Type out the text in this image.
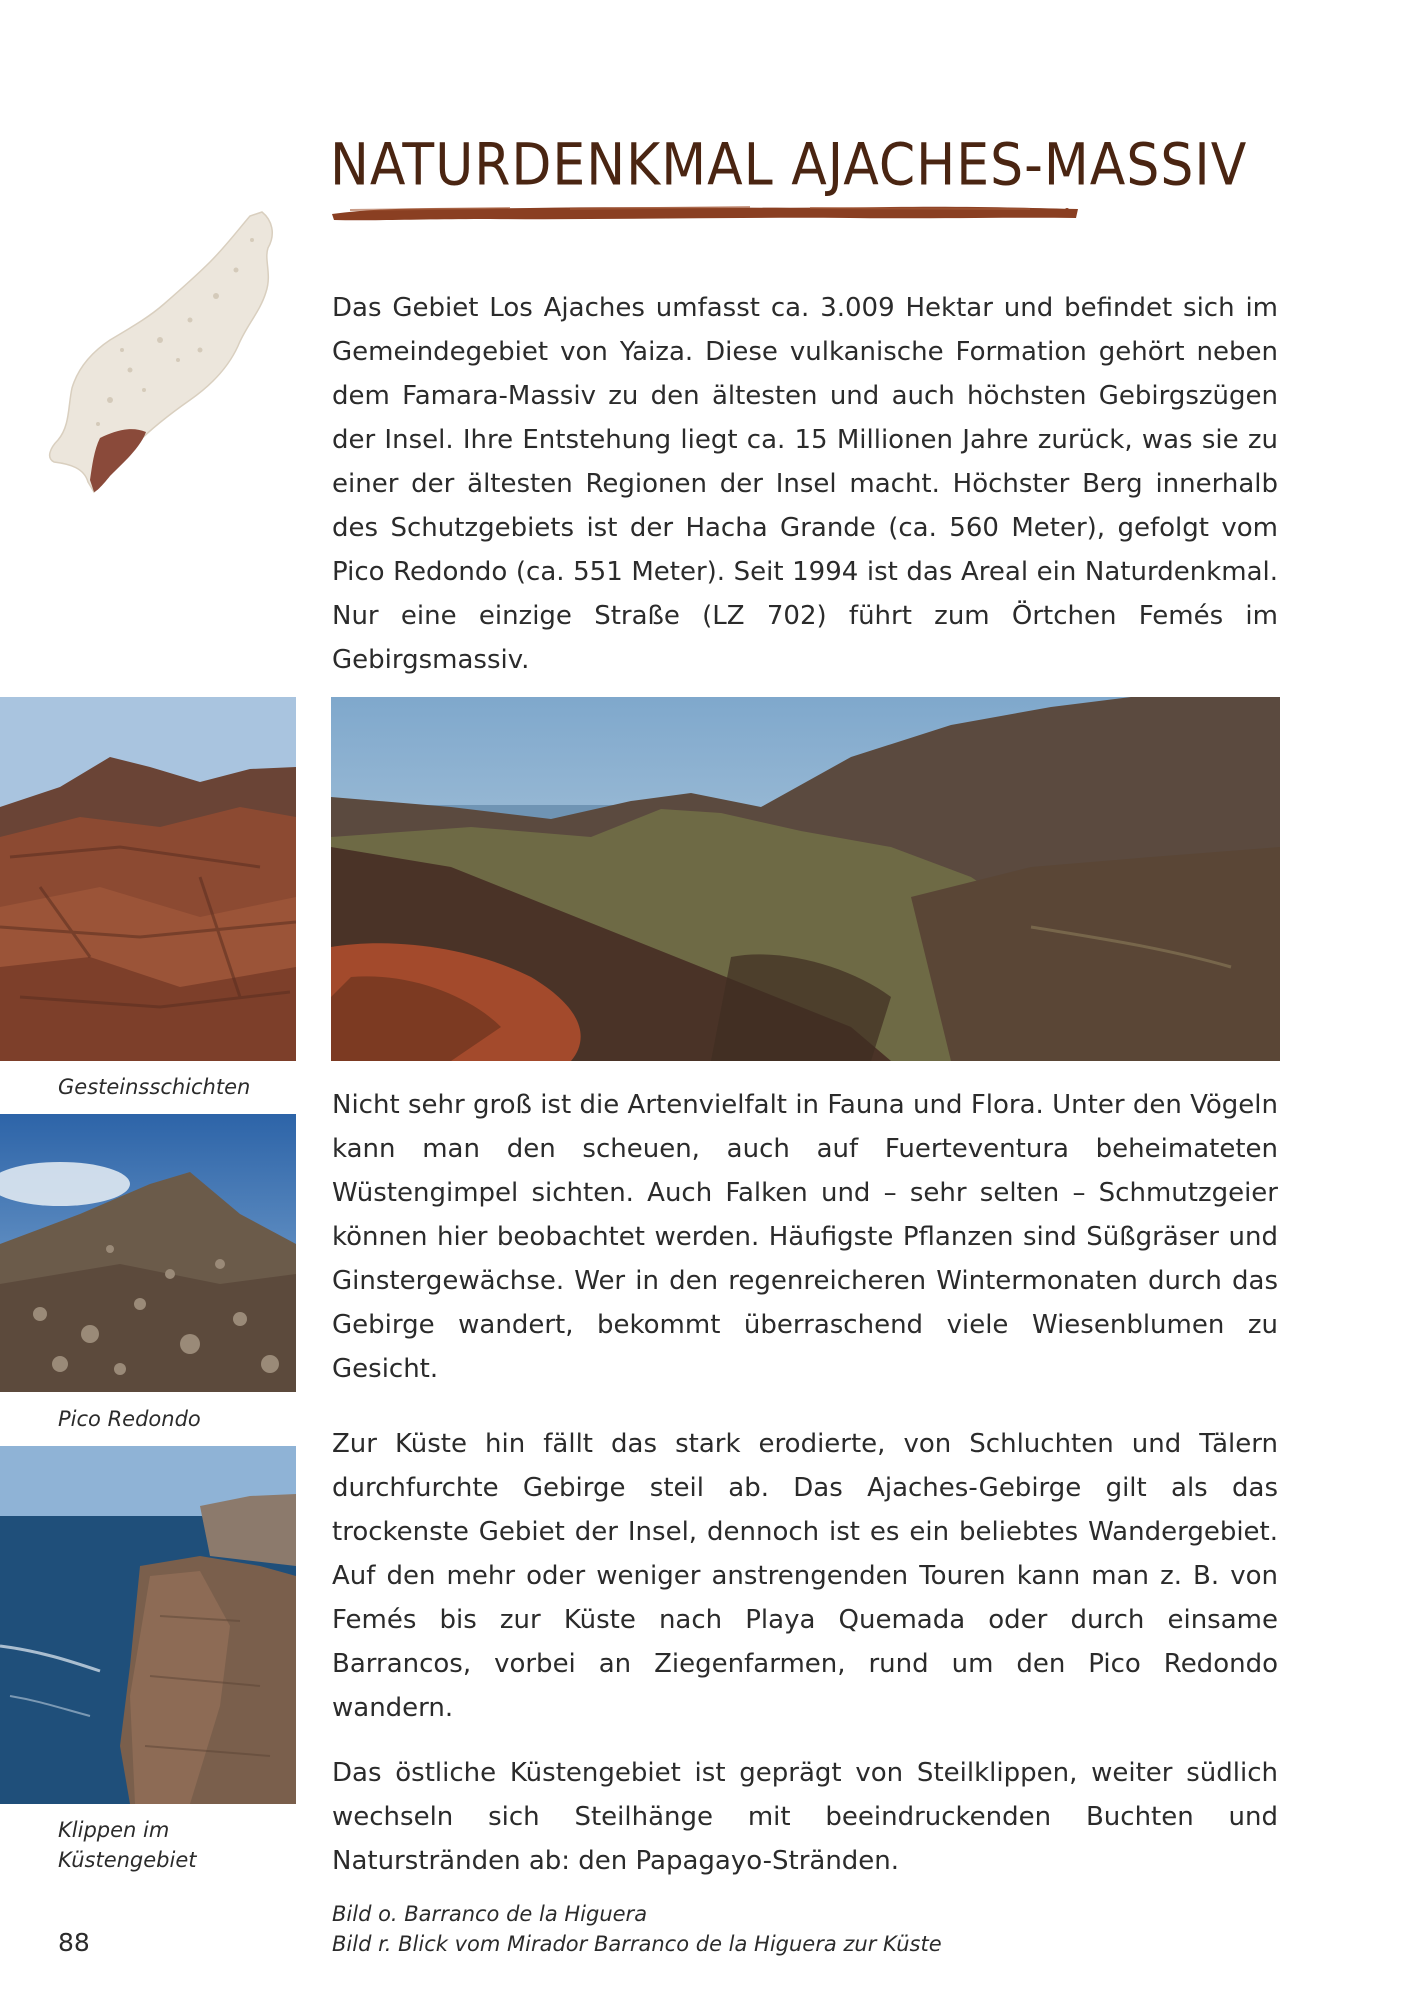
NATURDENKMAL AJACHES-MASSIV

Das Gebiet Los Ajaches umfasst ca. 3.009 Hektar und befindet sich im Gemeindegebiet von Yaiza. Diese vulkanische Formation gehört neben dem Famara-Massiv zu den ältesten und auch höchsten Gebirgszügen der Insel. Ihre Entstehung liegt ca. 15 Millionen Jahre zurück, was sie zu einer der ältesten Regionen der Insel macht. Höchster Berg innerhalb des Schutzgebiets ist der Hacha Grande (ca. 560 Meter), gefolgt vom Pico Redondo (ca. 551 Meter). Seit 1994 ist das Areal ein Naturdenkmal. Nur eine einzige Straße (LZ 702) führt zum Örtchen Femés im Gebirgsmassiv.

Gesteinsschichten

Pico Redondo

Klippen im Küstengebiet

Nicht sehr groß ist die Artenvielfalt in Fauna und Flora. Unter den Vögeln kann man den scheuen, auch auf Fuerteventura beheimateten Wüstengimpel sichten. Auch Falken und – sehr selten – Schmutzgeier können hier beobachtet werden. Häufigste Pflanzen sind Süßgräser und Ginstergewächse. Wer in den regenreicheren Wintermonaten durch das Gebirge wandert, bekommt überraschend viele Wiesenblumen zu Gesicht.

Zur Küste hin fällt das stark erodierte, von Schluchten und Tälern durchfurchte Gebirge steil ab. Das Ajaches-Gebirge gilt als das trockenste Gebiet der Insel, dennoch ist es ein beliebtes Wandergebiet. Auf den mehr oder weniger anstrengenden Touren kann man z. B. von Femés bis zur Küste nach Playa Quemada oder durch einsame Barrancos, vorbei an Ziegenfarmen, rund um den Pico Redondo wandern.

Das östliche Küstengebiet ist geprägt von Steilklippen, weiter südlich wechseln sich Steilhänge mit beeindruckenden Buchten und Naturstränden ab: den Papagayo-Stränden.

Bild o. Barranco de la Higuera

Bild r. Blick vom Mirador Barranco de la Higuera zur Küste

88
